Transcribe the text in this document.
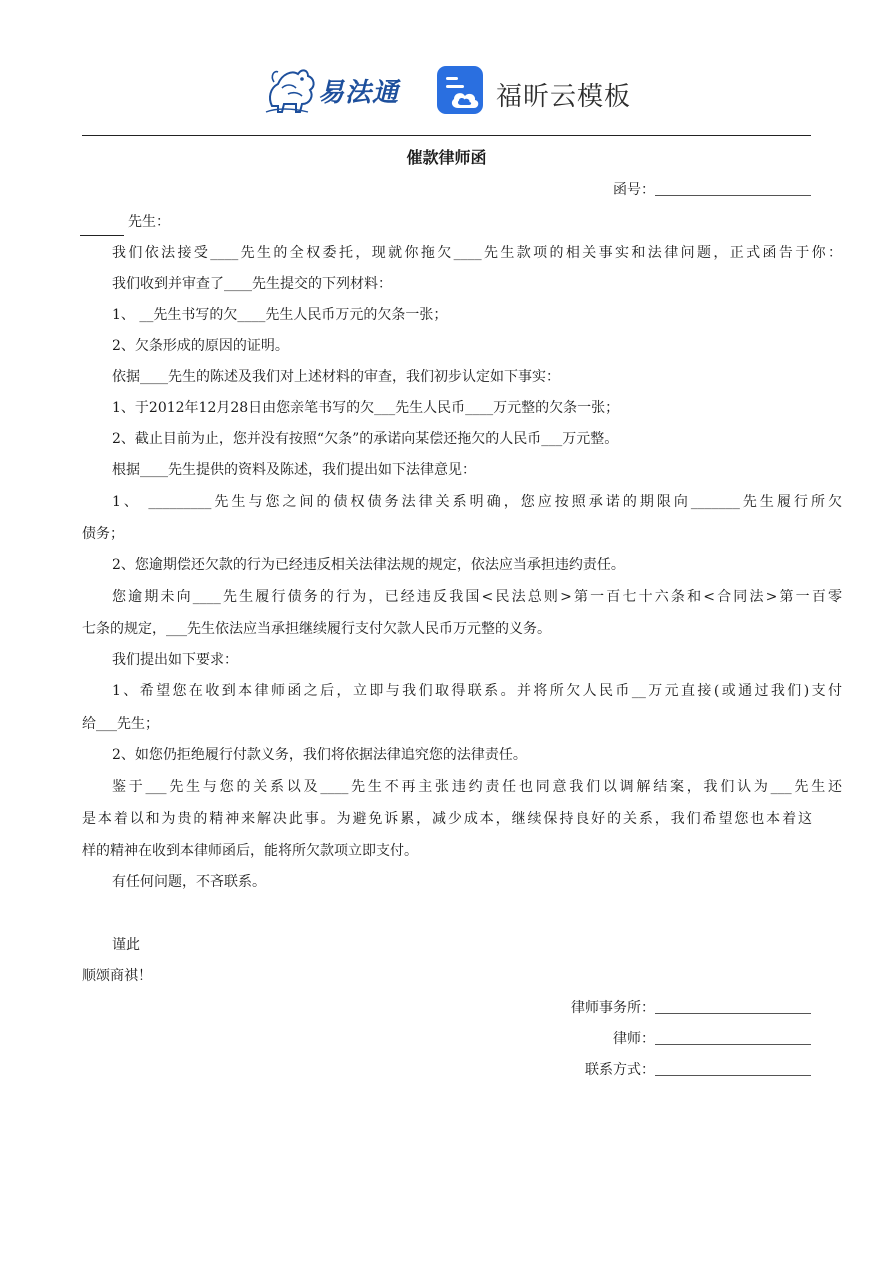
易法通	福昕云模板
催款律师函
函号：
先生：
我们依法接受____先生的全权委托，现就你拖欠____先生款项的相关事实和法律问题，正式函告于你：
我们收到并审查了____先生提交的下列材料：
1、 __先生书写的欠____先生人民币万元的欠条一张；
2、欠条形成的原因的证明。
依据____先生的陈述及我们对上述材料的审查，我们初步认定如下事实：
1、于2012年12月28日由您亲笔书写的欠___先生人民币____万元整的欠条一张；
2、截止目前为止，您并没有按照“欠条”的承诺向某偿还拖欠的人民币___万元整。
根据____先生提供的资料及陈述，我们提出如下法律意见：
1、 _________先生与您之间的债权债务法律关系明确，您应按照承诺的期限向_______先生履行所欠
债务；
2、您逾期偿还欠款的行为已经违反相关法律法规的规定，依法应当承担违约责任。
您逾期未向____先生履行债务的行为，已经违反我国<民法总则>第一百七十六条和<合同法>第一百零
七条的规定，___先生依法应当承担继续履行支付欠款人民币万元整的义务。
我们提出如下要求：
1、希望您在收到本律师函之后，立即与我们取得联系。并将所欠人民币__万元直接(或通过我们)支付
给___先生；
2、如您仍拒绝履行付款义务，我们将依据法律追究您的法律责任。
鉴于___先生与您的关系以及____先生不再主张违约责任也同意我们以调解结案，我们认为___先生还
是本着以和为贵的精神来解决此事。为避免诉累，减少成本，继续保持良好的关系，我们希望您也本着这
样的精神在收到本律师函后，能将所欠款项立即支付。
有任何问题，不吝联系。
谨此
顺颂商祺！
律师事务所：
律师：
联系方式：
